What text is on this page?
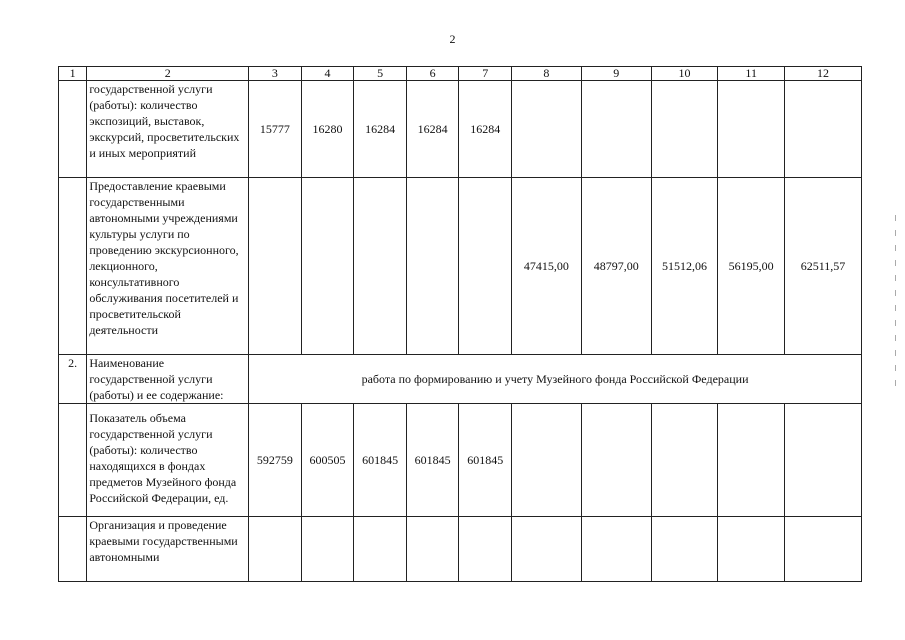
2
1	2	3	4	5	6	7	8	9	10	11	12
	государственной услуги (работы): количество экспозиций, выставок, экскурсий, просветительских и иных мероприятий	15777	16280	16284	16284	16284					
	Предоставление краевыми государственными автономными учреждениями культуры услуги по проведению экскурсионного, лекционного, консультативного обслуживания посетителей и просветительской деятельности						47415,00	48797,00	51512,06	56195,00	62511,57
2.	Наименование государственной услуги (работы) и ее содержание:	работа по формированию и учету Музейного фонда Российской Федерации									
	Показатель объема государственной услуги (работы): количество находящихся в фондах предметов Музейного фонда Российской Федерации, ед.	592759	600505	601845	601845	601845					
	Организация и проведение краевыми государственными автономными										
